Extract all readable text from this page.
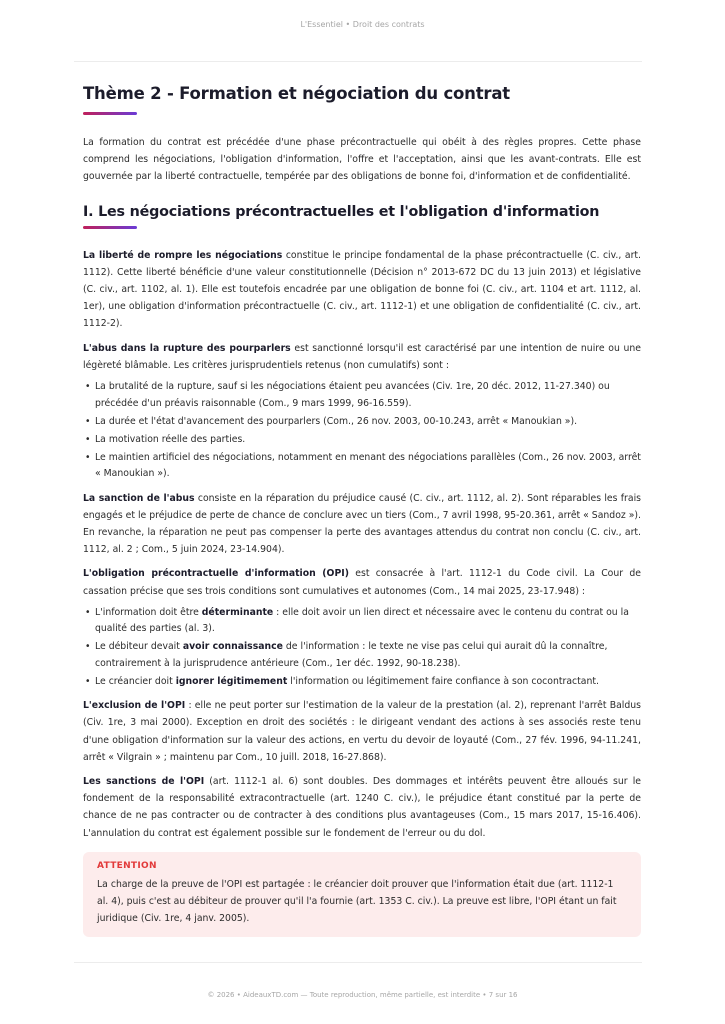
L'Essentiel • Droit des contrats
Thème 2 - Formation et négociation du contrat

La formation du contrat est précédée d'une phase précontractuelle qui obéit à des règles propres. Cette phase comprend les négociations, l'obligation d'information, l'offre et l'acceptation, ainsi que les avant-contrats. Elle est gouvernée par la liberté contractuelle, tempérée par des obligations de bonne foi, d'information et de confidentialité.

I. Les négociations précontractuelles et l'obligation d'information

La liberté de rompre les négociations constitue le principe fondamental de la phase précontractuelle (C. civ., art. 1112). Cette liberté bénéficie d'une valeur constitutionnelle (Décision n° 2013-672 DC du 13 juin 2013) et législative (C. civ., art. 1102, al. 1). Elle est toutefois encadrée par une obligation de bonne foi (C. civ., art. 1104 et art. 1112, al. 1er), une obligation d'information précontractuelle (C. civ., art. 1112-1) et une obligation de confidentialité (C. civ., art. 1112-2).

L'abus dans la rupture des pourparlers est sanctionné lorsqu'il est caractérisé par une intention de nuire ou une légèreté blâmable. Les critères jurisprudentiels retenus (non cumulatifs) sont :

• La brutalité de la rupture, sauf si les négociations étaient peu avancées (Civ. 1re, 20 déc. 2012, 11-27.340) ou précédée d'un préavis raisonnable (Com., 9 mars 1999, 96-16.559).
• La durée et l'état d'avancement des pourparlers (Com., 26 nov. 2003, 00-10.243, arrêt « Manoukian »).
• La motivation réelle des parties.
• Le maintien artificiel des négociations, notamment en menant des négociations parallèles (Com., 26 nov. 2003, arrêt « Manoukian »).

La sanction de l'abus consiste en la réparation du préjudice causé (C. civ., art. 1112, al. 2). Sont réparables les frais engagés et le préjudice de perte de chance de conclure avec un tiers (Com., 7 avril 1998, 95-20.361, arrêt « Sandoz »). En revanche, la réparation ne peut pas compenser la perte des avantages attendus du contrat non conclu (C. civ., art. 1112, al. 2 ; Com., 5 juin 2024, 23-14.904).

L'obligation précontractuelle d'information (OPI) est consacrée à l'art. 1112-1 du Code civil. La Cour de cassation précise que ses trois conditions sont cumulatives et autonomes (Com., 14 mai 2025, 23-17.948) :

• L'information doit être déterminante : elle doit avoir un lien direct et nécessaire avec le contenu du contrat ou la qualité des parties (al. 3).
• Le débiteur devait avoir connaissance de l'information : le texte ne vise pas celui qui aurait dû la connaître, contrairement à la jurisprudence antérieure (Com., 1er déc. 1992, 90-18.238).
• Le créancier doit ignorer légitimement l'information ou légitimement faire confiance à son cocontractant.

L'exclusion de l'OPI : elle ne peut porter sur l'estimation de la valeur de la prestation (al. 2), reprenant l'arrêt Baldus (Civ. 1re, 3 mai 2000). Exception en droit des sociétés : le dirigeant vendant des actions à ses associés reste tenu d'une obligation d'information sur la valeur des actions, en vertu du devoir de loyauté (Com., 27 fév. 1996, 94-11.241, arrêt « Vilgrain » ; maintenu par Com., 10 juill. 2018, 16-27.868).

Les sanctions de l'OPI (art. 1112-1 al. 6) sont doubles. Des dommages et intérêts peuvent être alloués sur le fondement de la responsabilité extracontractuelle (art. 1240 C. civ.), le préjudice étant constitué par la perte de chance de ne pas contracter ou de contracter à des conditions plus avantageuses (Com., 15 mars 2017, 15-16.406). L'annulation du contrat est également possible sur le fondement de l'erreur ou du dol.

ATTENTION

La charge de la preuve de l'OPI est partagée : le créancier doit prouver que l'information était due (art. 1112-1 al. 4), puis c'est au débiteur de prouver qu'il l'a fournie (art. 1353 C. civ.). La preuve est libre, l'OPI étant un fait juridique (Civ. 1re, 4 janv. 2005).

© 2026 • AideauxTD.com — Toute reproduction, même partielle, est interdite • 7 sur 16
